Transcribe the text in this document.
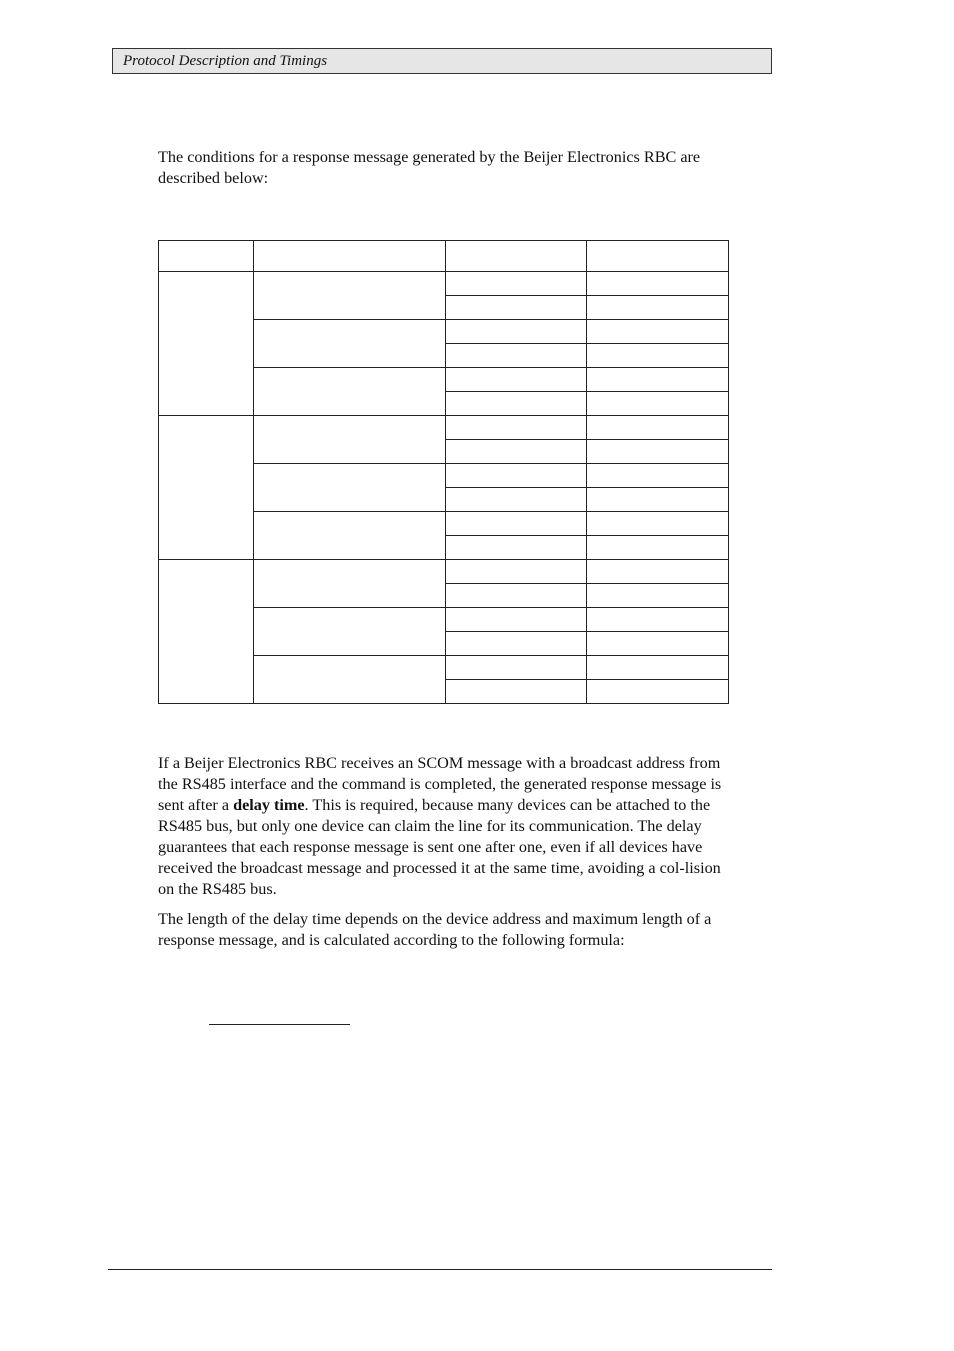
Protocol Description and Timings

The conditions for a response message generated by the Beijer Electronics RBC are described below:

If a Beijer Electronics RBC receives an SCOM message with a broadcast address from the RS485 interface and the command is completed, the generated response message is sent after a delay time. This is required, because many devices can be attached to the RS485 bus, but only one device can claim the line for its communication. The delay guarantees that each response message is sent one after one, even if all devices have received the broadcast message and processed it at the same time, avoiding a col-lision on the RS485 bus.

The length of the delay time depends on the device address and maximum length of a response message, and is calculated according to the following formula:
